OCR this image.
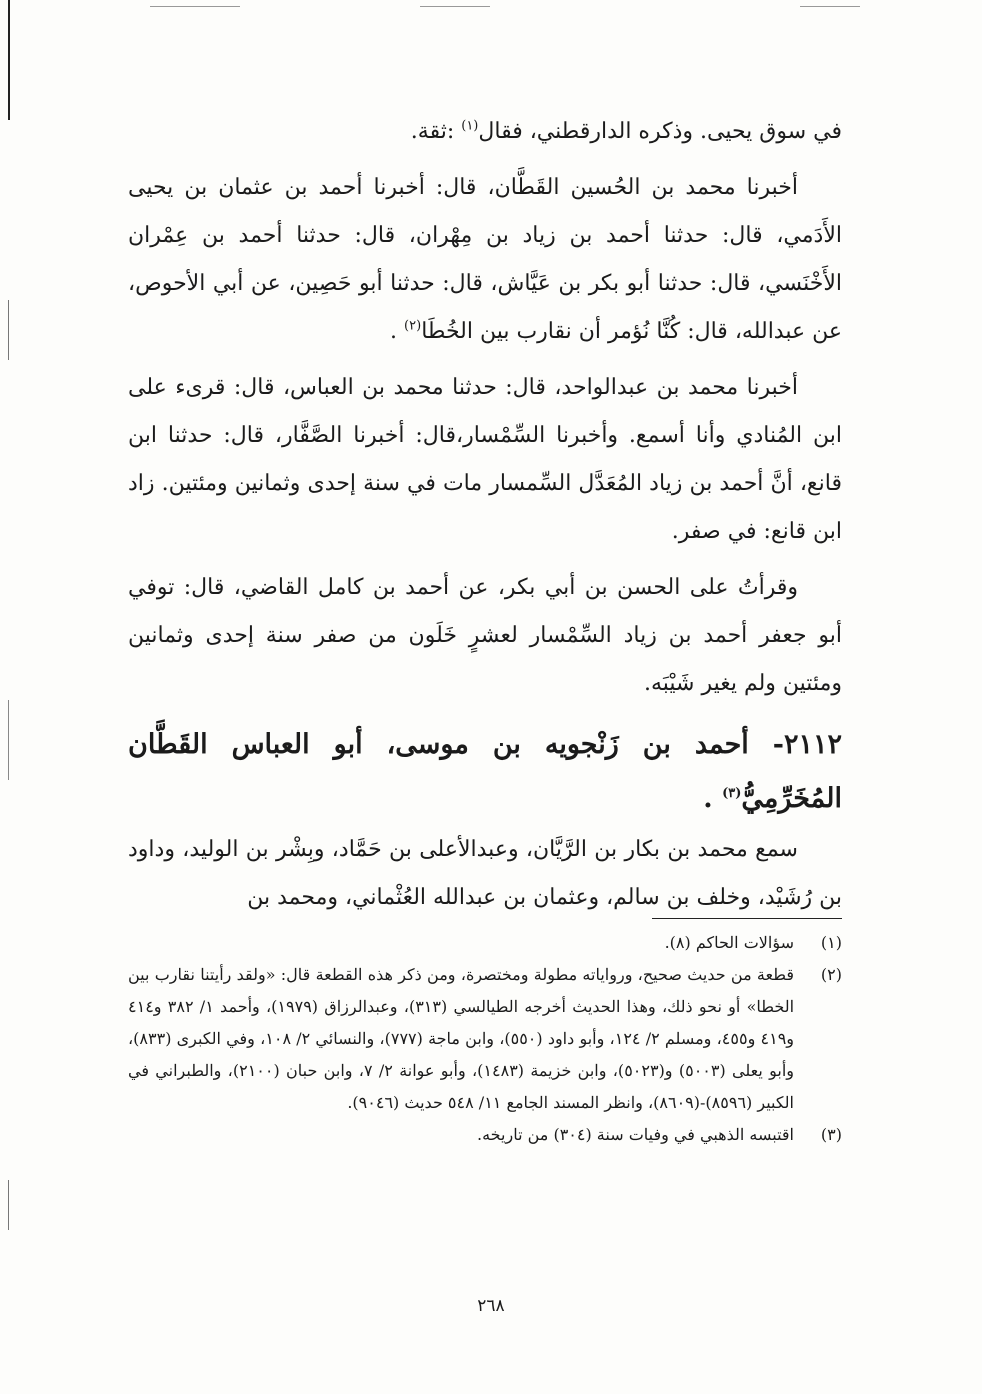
في سوق يحيى. وذكره الدارقطني، فقال$^{(١)}$ :ثقة.

أخبرنا محمد بن الحُسين القَطَّان، قال: أخبرنا أحمد بن عثمان بن يحيى الأَدَمي، قال: حدثنا أحمد بن زياد بن مِهْران، قال: حدثنا أحمد بن عِمْران الأَخْنَسي، قال: حدثنا أبو بكر بن عَيَّاش، قال: حدثنا أبو حَصِين، عن أبي الأحوص، عن عبدالله، قال: كُنَّا نُؤمر أن نقارب بين الخُطَا$^{(٢)}$ .

أخبرنا محمد بن عبدالواحد، قال: حدثنا محمد بن العباس، قال: قرىء على ابن المُنادي وأنا أسمع. وأخبرنا السِّمْسار،قال: أخبرنا الصَّفَّار، قال: حدثنا ابن قانع، أنَّ أحمد بن زياد المُعَدَّل السِّمسار مات في سنة إحدى وثمانين ومئتين. زاد ابن قانع: في صفر.

وقرأتُ على الحسن بن أبي بكر، عن أحمد بن كامل القاضي، قال: توفي أبو جعفر أحمد بن زياد السِّمْسار لعشرٍ خَلَون من صفر سنة إحدى وثمانين ومئتين ولم يغير شَيْبَه.

٢١١٢- أحمد بن زَنْجويه بن موسى، أبو العباس القَطَّان المُخَرِّمِيُّ$^{(٣)}$ .

سمع محمد بن بكار بن الرَّيَّان، وعبدالأعلى بن حَمَّاد، وبِشْر بن الوليد، وداود بن رُشَيْد، وخلف بن سالم، وعثمان بن عبدالله العُثْماني، ومحمد بن

(١)
سؤالات الحاكم (٨).
(٢)
قطعة من حديث صحيح، ورواياته مطولة ومختصرة، ومن ذكر هذه القطعة قال: «ولقد رأيتنا نقارب بين الخطا» أو نحو ذلك، وهذا الحديث أخرجه الطيالسي (٣١٣)، وعبدالرزاق (١٩٧٩)، وأحمد ١/ ٣٨٢ و٤١٤ و٤١٩ و٤٥٥، ومسلم ٢/ ١٢٤، وأبو داود (٥٥٠)، وابن ماجة (٧٧٧)، والنسائي ٢/ ١٠٨، وفي الكبرى (٨٣٣)، وأبو يعلى (٥٠٠٣) و(٥٠٢٣)، وابن خزيمة (١٤٨٣)، وأبو عوانة ٢/ ٧، وابن حبان (٢١٠٠)، والطبراني في الكبير (٨٥٩٦)-(٨٦٠٩)، وانظر المسند الجامع ١١/ ٥٤٨ حديث (٩٠٤٦).
(٣)
اقتبسه الذهبي في وفيات سنة (٣٠٤) من تاريخه.
٢٦٨
